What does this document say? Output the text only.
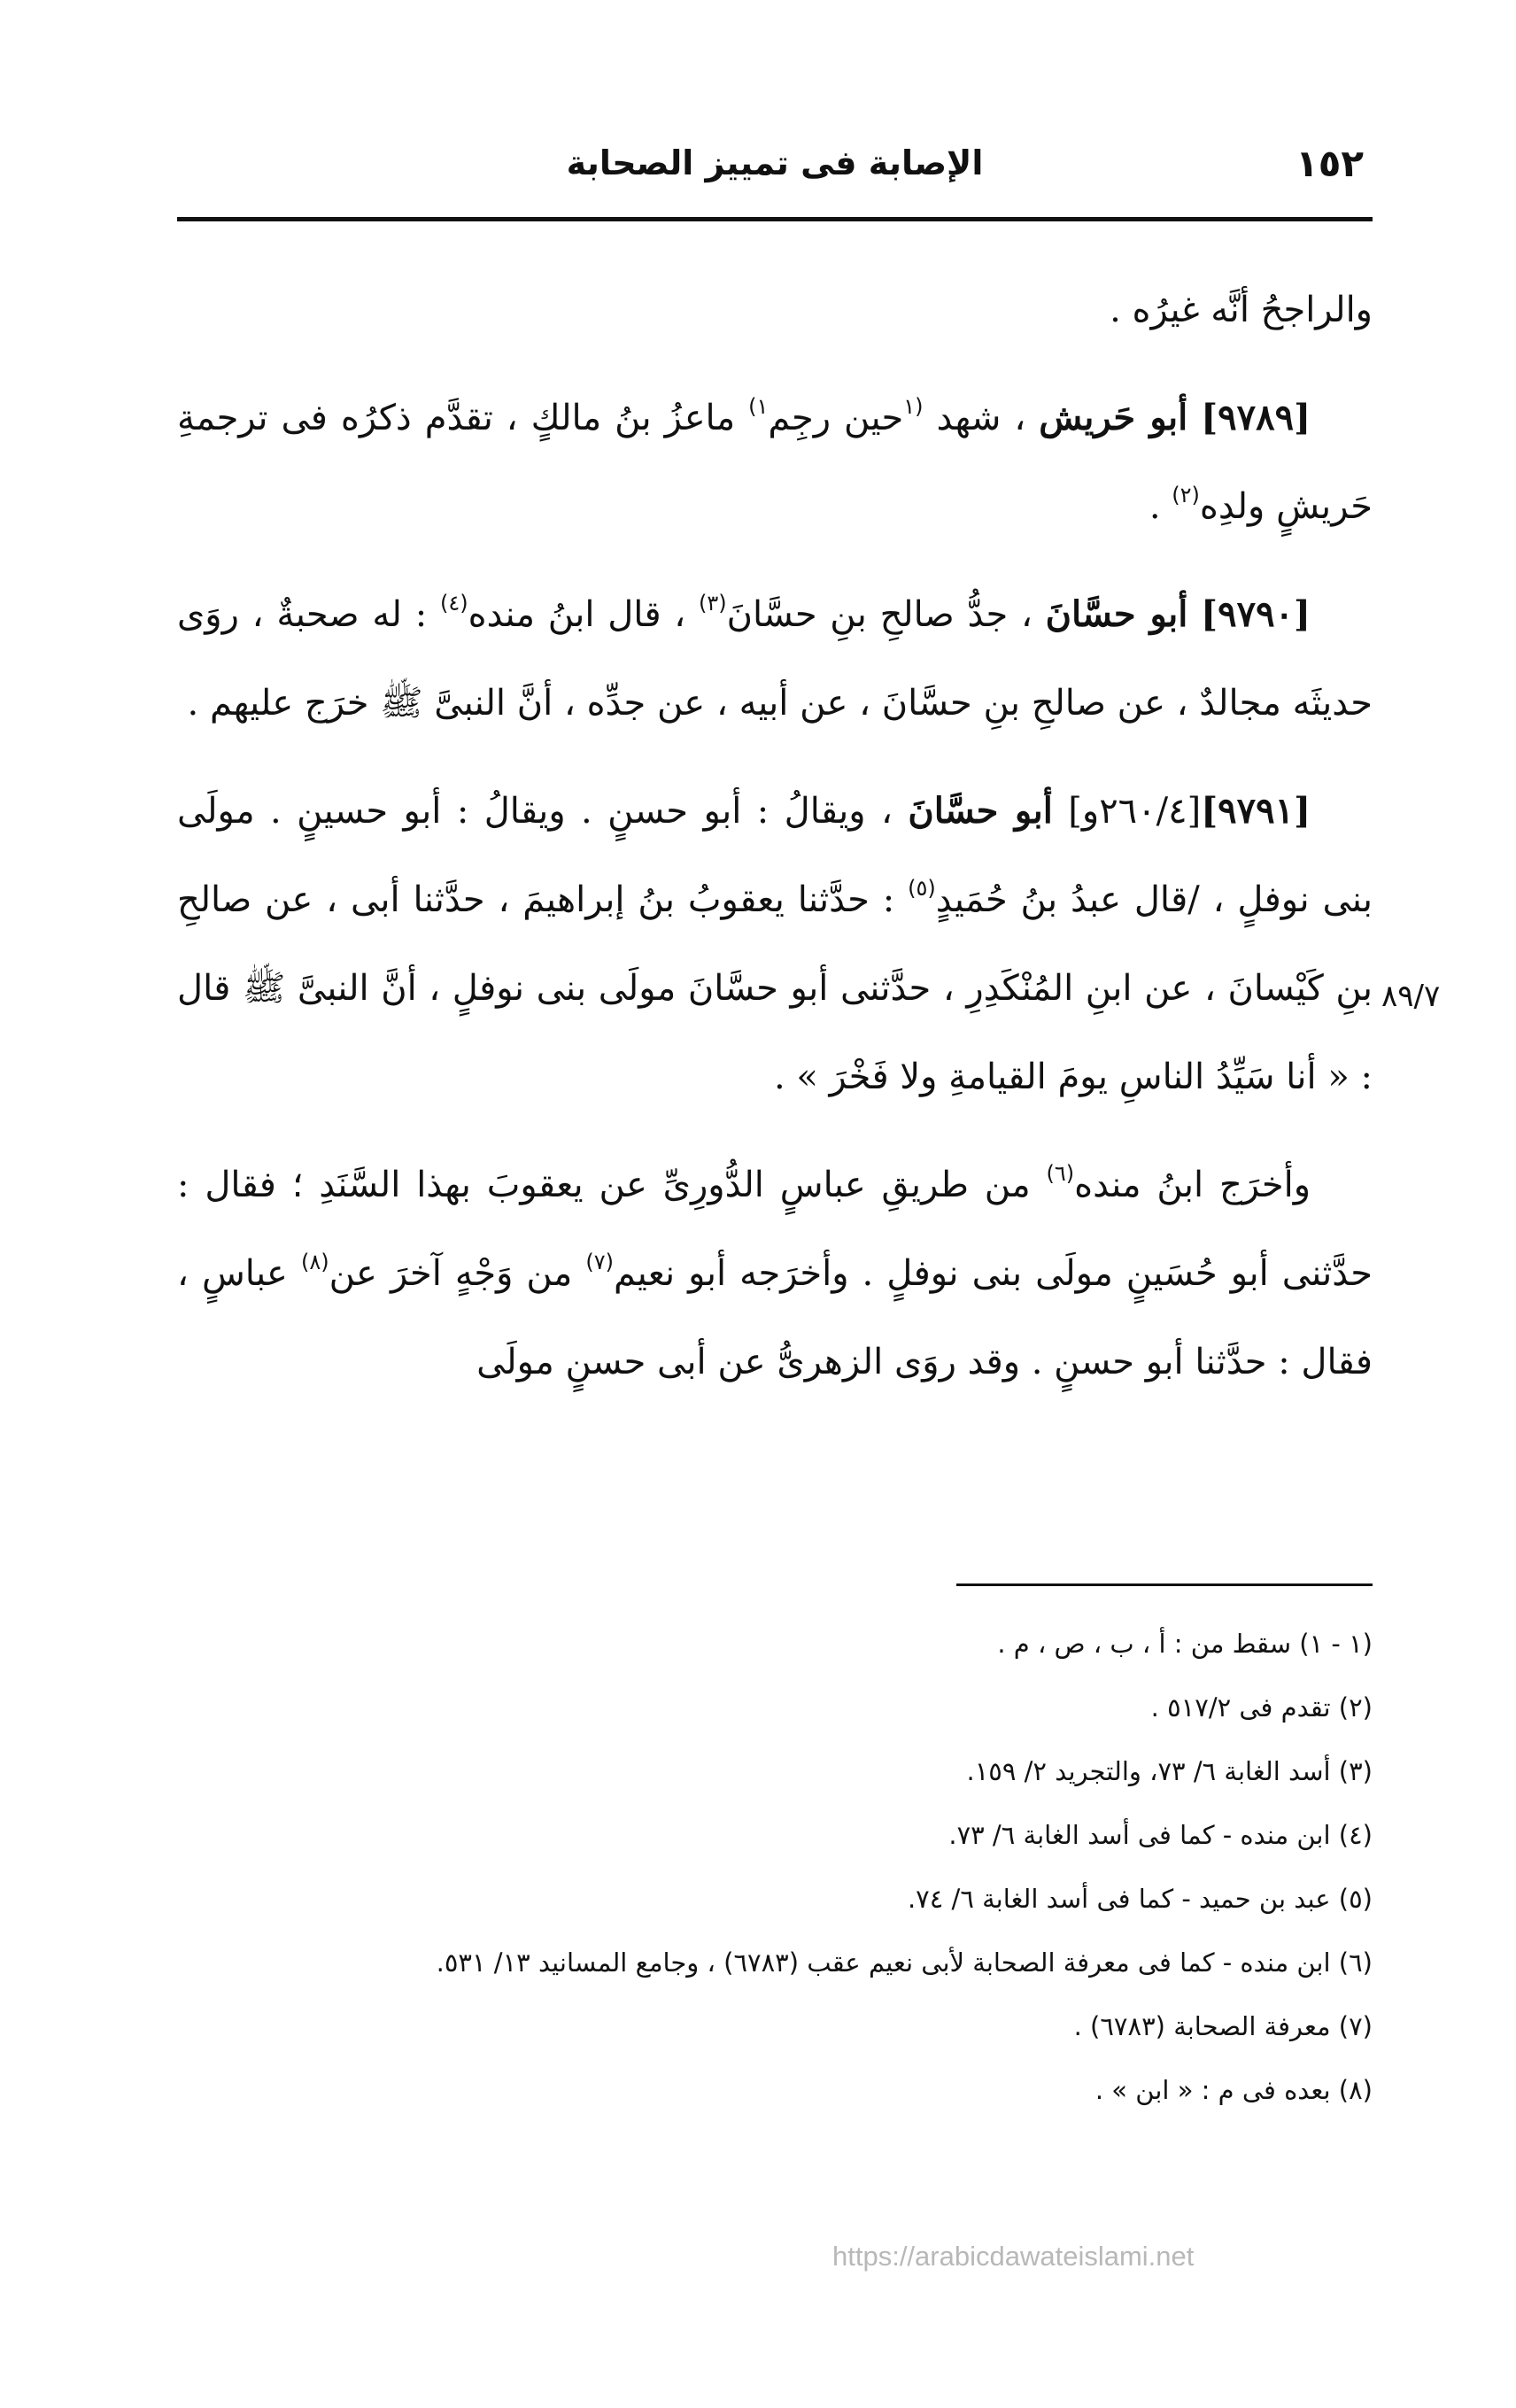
١٥٢
الإصابة فى تمييز الصحابة
٨٩/٧

والراجحُ أنَّه غيرُه .

[٩٧٨٩] أبو حَريش ، شهد $^{(١}$حين رجِم$^{١)}$ ماعزُ بنُ مالكٍ ، تقدَّم ذكرُه فى ترجمةِ حَريشٍ ولدِه$^{(٢)}$ .

[٩٧٩٠] أبو حسَّانَ ، جدُّ صالحِ بنِ حسَّانَ$^{(٣)}$ ، قال ابنُ منده$^{(٤)}$ : له صحبةٌ ، روَى حديثَه مجالدٌ ، عن صالحِ بنِ حسَّانَ ، عن أبيه ، عن جدِّه ، أنَّ النبىَّ ﷺ خرَج عليهم .

[٩٧٩١][٢٦٠/٤و] أبو حسَّانَ ، ويقالُ : أبو حسنٍ . ويقالُ : أبو حسينٍ . مولَى بنى نوفلٍ ، /قال عبدُ بنُ حُمَيدٍ$^{(٥)}$ : حدَّثنا يعقوبُ بنُ إبراهيمَ ، حدَّثنا أبى ، عن صالحِ بنِ كَيْسانَ ، عن ابنِ المُنْكَدِرِ ، حدَّثنى أبو حسَّانَ مولَى بنى نوفلٍ ، أنَّ النبىَّ ﷺ قال : « أنا سَيِّدُ الناسِ يومَ القيامةِ ولا فَخْرَ » .

وأخرَج ابنُ منده$^{(٦)}$ من طريقِ عباسٍ الدُّورِىِّ عن يعقوبَ بهذا السَّنَدِ ؛ فقال : حدَّثنى أبو حُسَينٍ مولَى بنى نوفلٍ . وأخرَجه أبو نعيم$^{(٧)}$ من وَجْهٍ آخرَ عن$^{(٨)}$ عباسٍ ، فقال : حدَّثنا أبو حسنٍ . وقد روَى الزهرىُّ عن أبى حسنٍ مولَى

(١ - ١) سقط من : أ ، ب ، ص ، م .

(٢) تقدم فى ٥١٧/٢ .

(٣) أسد الغابة ٦/ ٧٣، والتجريد ٢/ ١٥٩.

(٤) ابن منده - كما فى أسد الغابة ٦/ ٧٣.

(٥) عبد بن حميد - كما فى أسد الغابة ٦/ ٧٤.

(٦) ابن منده - كما فى معرفة الصحابة لأبى نعيم عقب (٦٧٨٣) ، وجامع المسانيد ١٣/ ٥٣١.

(٧) معرفة الصحابة (٦٧٨٣) .

(٨) بعده فى م : « ابن » .

https://arabicdawateislami.net
